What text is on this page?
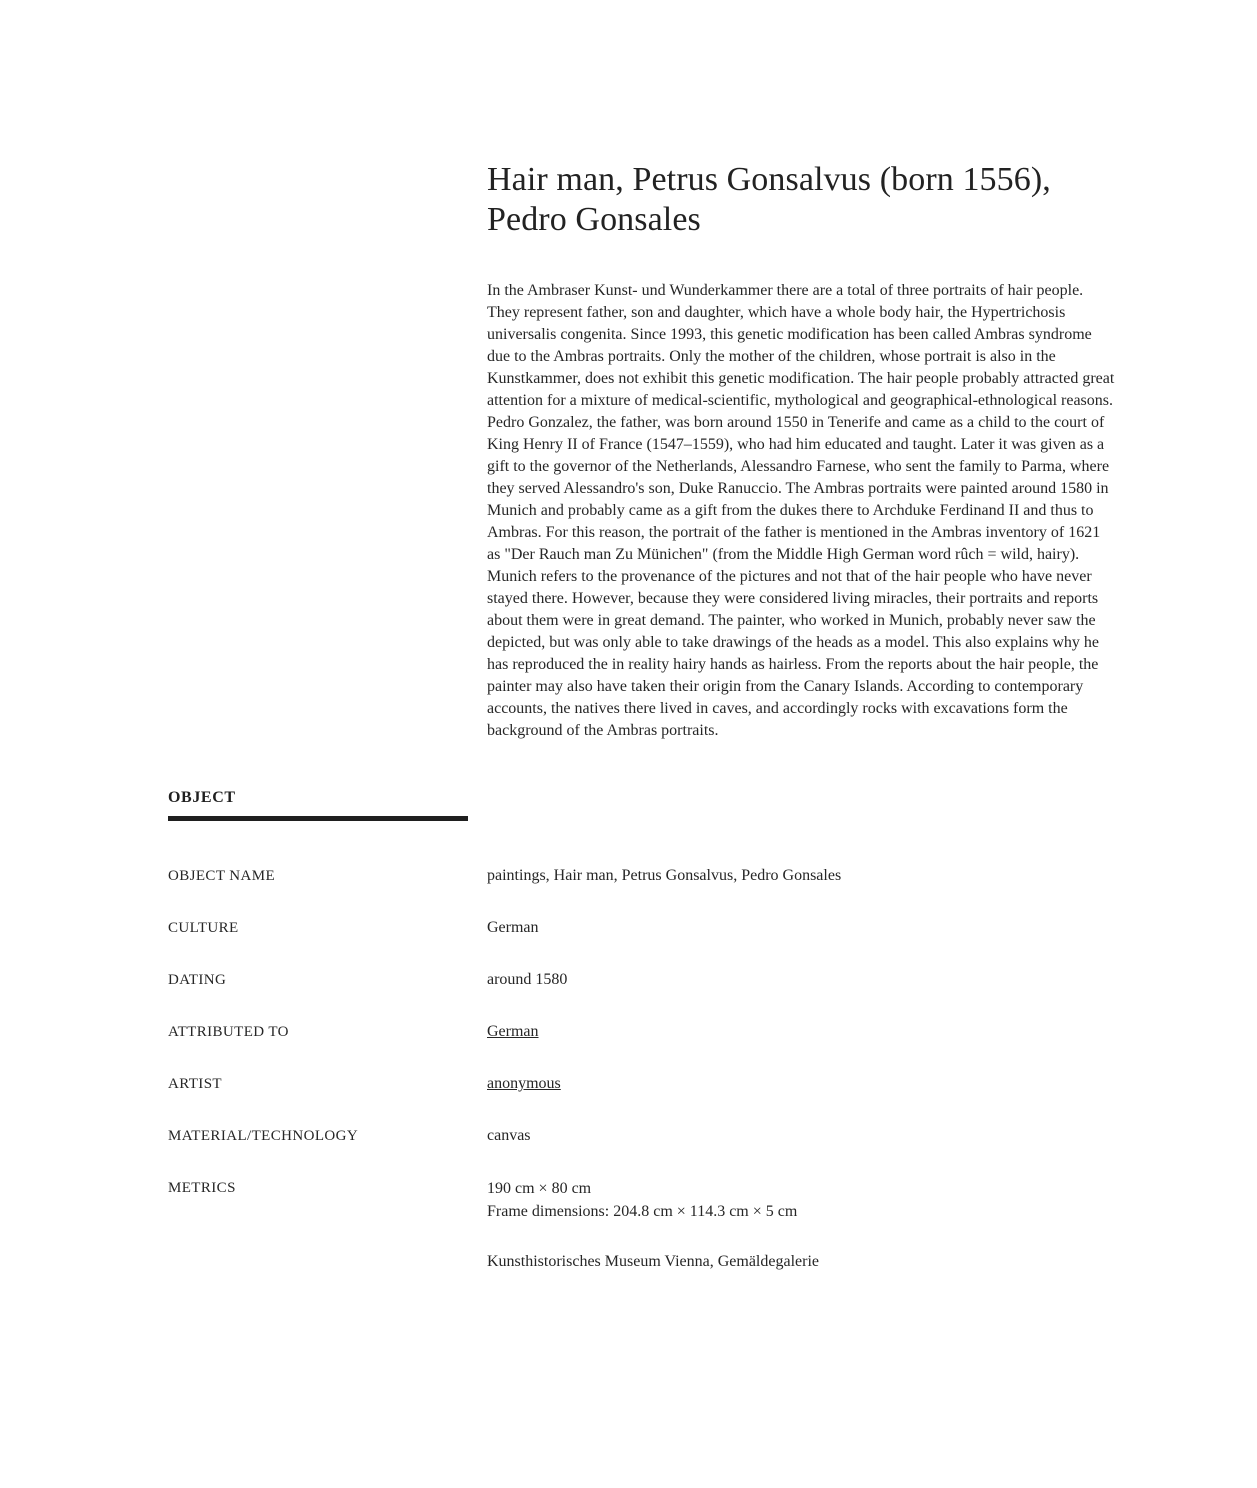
Hair man, Petrus Gonsalvus (born 1556), Pedro Gonsales

In the Ambraser Kunst- und Wunderkammer there are a total of three portraits of hair people. They represent father, son and daughter, which have a whole body hair, the Hypertrichosis universalis congenita. Since 1993, this genetic modification has been called Ambras syndrome due to the Ambras portraits. Only the mother of the children, whose portrait is also in the Kunstkammer, does not exhibit this genetic modification. The hair people probably attracted great attention for a mixture of medical-scientific, mythological and geographical-ethnological reasons. Pedro Gonzalez, the father, was born around 1550 in Tenerife and came as a child to the court of King Henry II of France (1547–1559), who had him educated and taught. Later it was given as a gift to the governor of the Netherlands, Alessandro Farnese, who sent the family to Parma, where they served Alessandro's son, Duke Ranuccio. The Ambras portraits were painted around 1580 in Munich and probably came as a gift from the dukes there to Archduke Ferdinand II and thus to Ambras. For this reason, the portrait of the father is mentioned in the Ambras inventory of 1621 as "Der Rauch man Zu Münichen" (from the Middle High German word rûch = wild, hairy). Munich refers to the provenance of the pictures and not that of the hair people who have never stayed there. However, because they were considered living miracles, their portraits and reports about them were in great demand. The painter, who worked in Munich, probably never saw the depicted, but was only able to take drawings of the heads as a model. This also explains why he has reproduced the in reality hairy hands as hairless. From the reports about the hair people, the painter may also have taken their origin from the Canary Islands. According to contemporary accounts, the natives there lived in caves, and accordingly rocks with excavations form the background of the Ambras portraits.

OBJECT
OBJECT NAME	paintings, Hair man, Petrus Gonsalvus, Pedro Gonsales
CULTURE	German
DATING	around 1580
ATTRIBUTED TO	German
ARTIST	anonymous
MATERIAL/TECHNOLOGY	canvas
METRICS	190 cm × 80 cm
Frame dimensions: 204.8 cm × 114.3 cm × 5 cm
Kunsthistorisches Museum Vienna, Gemäldegalerie
